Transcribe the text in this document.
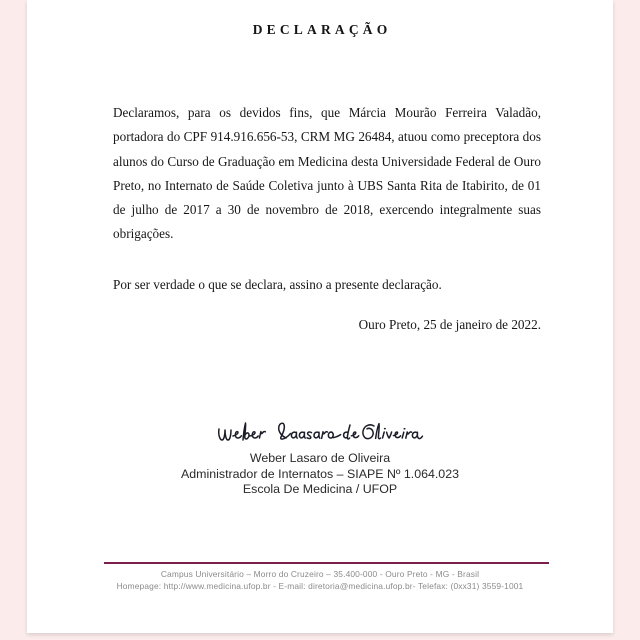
DECLARAÇÃO

Declaramos, para os devidos fins, que Márcia Mourão Ferreira Valadão, portadora do CPF 914.916.656-53, CRM MG 26484, atuou como preceptora dos alunos do Curso de Graduação em Medicina desta Universidade Federal de Ouro Preto, no Internato de Saúde Coletiva junto à UBS Santa Rita de Itabirito, de 01 de julho de 2017 a 30 de novembro de 2018, exercendo integralmente suas obrigações.

Por ser verdade o que se declara, assino a presente declaração.

Ouro Preto, 25 de janeiro de 2022.

Weber Lasaro de Oliveira
Administrador de Internatos – SIAPE Nº 1.064.023
Escola De Medicina / UFOP
Campus Universitário – Morro do Cruzeiro – 35.400-000 - Ouro Preto - MG - Brasil
Homepage: http://www.medicina.ufop.br - E-mail: diretoria@medicina.ufop.br- Telefax: (0xx31) 3559-1001
